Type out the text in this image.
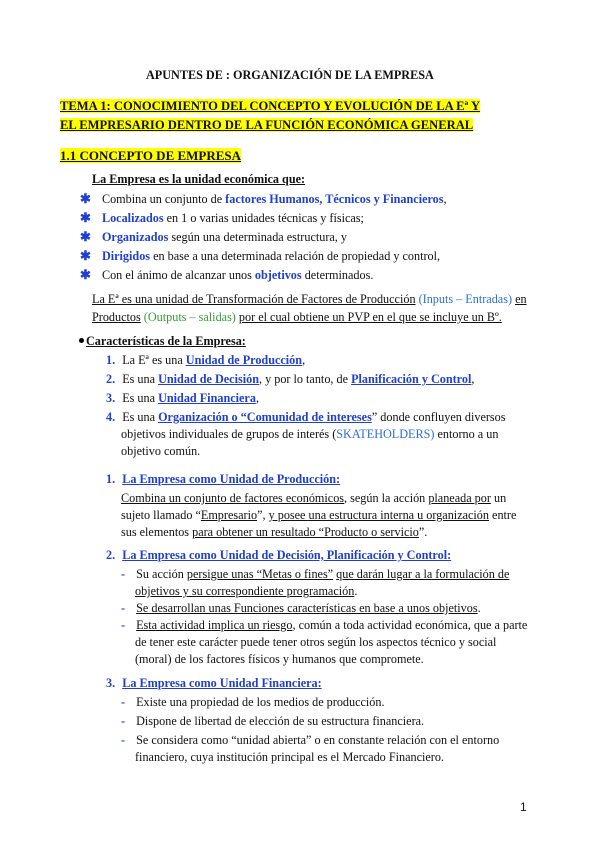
APUNTES DE : ORGANIZACIÓN DE LA EMPRESA
TEMA 1: CONOCIMIENTO DEL CONCEPTO Y EVOLUCIÓN DE LA Eª Y
EL EMPRESARIO DENTRO DE LA FUNCIÓN ECONÓMICA GENERAL
1.1 CONCEPTO DE EMPRESA
La Empresa es la unidad económica que:
✱ Combina un conjunto de factores Humanos, Técnicos y Financieros,
✱ Localizados en 1 o varias unidades técnicas y físicas;
✱ Organizados según una determinada estructura, y
✱ Dirigidos en base a una determinada relación de propiedad y control,
✱ Con el ánimo de alcanzar unos objetivos determinados.
La Eª es una unidad de Transformación de Factores de Producción (Inputs – Entradas) en
Productos (Outputs – salidas) por el cual obtiene un PVP en el que se incluye un Bº.
Características de la Empresa:
1. La Eª es una Unidad de Producción,
2. Es una Unidad de Decisión, y por lo tanto, de Planificación y Control,
3. Es una Unidad Financiera,
4. Es una Organización o “Comunidad de intereses” donde confluyen diversos
objetivos individuales de grupos de interés (SKATEHOLDERS) entorno a un
objetivo común.
1. La Empresa como Unidad de Producción:
Combina un conjunto de factores económicos, según la acción planeada por un
sujeto llamado “Empresario”, y posee una estructura interna u organización entre
sus elementos para obtener un resultado “Producto o servicio”.
2. La Empresa como Unidad de Decisión, Planificación y Control:
- Su acción persigue unas “Metas o fines” que darán lugar a la formulación de
objetivos y su correspondiente programación.
- Se desarrollan unas Funciones características en base a unos objetivos.
- Esta actividad implica un riesgo, común a toda actividad económica, que a parte
de tener este carácter puede tener otros según los aspectos técnico y social
(moral) de los factores físicos y humanos que compromete.
3. La Empresa como Unidad Financiera:
- Existe una propiedad de los medios de producción.
- Dispone de libertad de elección de su estructura financiera.
- Se considera como “unidad abierta” o en constante relación con el entorno
financiero, cuya institución principal es el Mercado Financiero.
1
